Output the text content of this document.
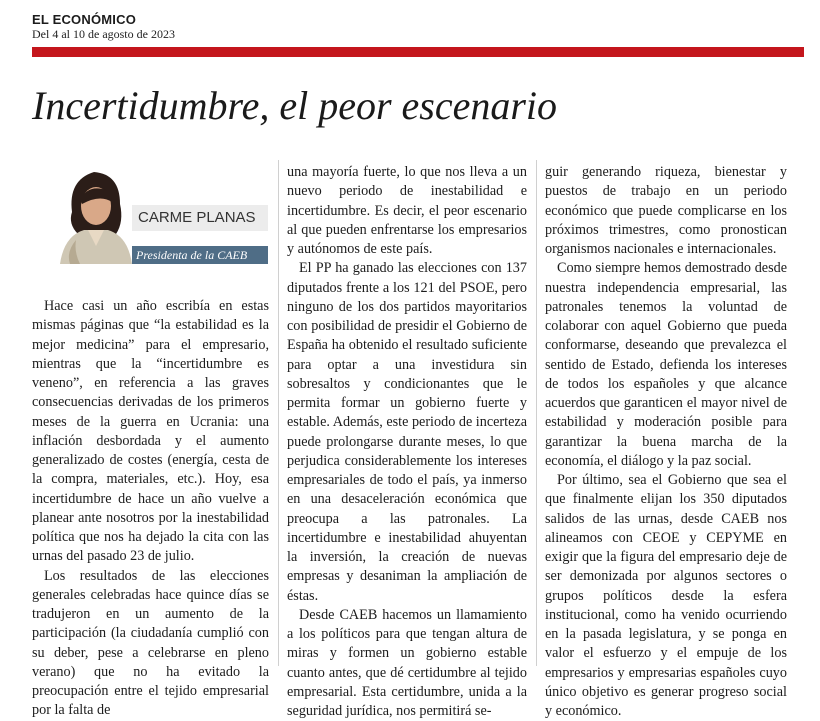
EL ECONÓMICO
Del 4 al 10 de agosto de 2023
Incertidumbre, el peor escenario
CARME PLANAS
Presidenta de la CAEB

Hace casi un año escribía en estas mismas páginas que “la estabilidad es la mejor medicina” para el empresario, mientras que la “incertidumbre es veneno”, en referencia a las graves consecuencias derivadas de los primeros meses de la guerra en Ucrania: una inflación desbordada y el aumento generalizado de costes (energía, cesta de la compra, materiales, etc.). Hoy, esa incertidumbre de hace un año vuelve a planear ante nosotros por la inestabilidad política que nos ha dejado la cita con las urnas del pasado 23 de julio.

Los resultados de las elecciones generales celebradas hace quince días se tradujeron en un aumento de la participación (la ciudadanía cumplió con su deber, pese a celebrarse en pleno verano) que no ha evitado la preocupación entre el tejido empresarial por la falta de

una mayoría fuerte, lo que nos lleva a un nuevo periodo de inestabilidad e incertidumbre. Es decir, el peor escenario al que pueden enfrentarse los empresarios y autónomos de este país.

El PP ha ganado las elecciones con 137 diputados frente a los 121 del PSOE, pero ninguno de los dos partidos mayoritarios con posibilidad de presidir el Gobierno de España ha obtenido el resultado suficiente para optar a una investidura sin sobresaltos y condicionantes que le permita formar un gobierno fuerte y estable. Además, este periodo de incerteza puede prolongarse durante meses, lo que perjudica considerablemente los intereses empresariales de todo el país, ya inmerso en una desaceleración económica que preocupa a las patronales. La incertidumbre e inestabilidad ahuyentan la inversión, la creación de nuevas empresas y desaniman la ampliación de éstas.

Desde CAEB hacemos un llamamiento a los políticos para que tengan altura de miras y formen un gobierno estable cuanto antes, que dé certidumbre al tejido empresarial. Esta certidumbre, unida a la seguridad jurídica, nos permitirá se-

guir generando riqueza, bienestar y puestos de trabajo en un periodo económico que puede complicarse en los próximos trimestres, como pronostican organismos nacionales e internacionales.

Como siempre hemos demostrado desde nuestra independencia empresarial, las patronales tenemos la voluntad de colaborar con aquel Gobierno que pueda conformarse, deseando que prevalezca el sentido de Estado, defienda los intereses de todos los españoles y que alcance acuerdos que garanticen el mayor nivel de estabilidad y moderación posible para garantizar la buena marcha de la economía, el diálogo y la paz social.

Por último, sea el Gobierno que sea el que finalmente elijan los 350 diputados salidos de las urnas, desde CAEB nos alineamos con CEOE y CEPYME en exigir que la figura del empresario deje de ser demonizada por algunos sectores o grupos políticos desde la esfera institucional, como ha venido ocurriendo en la pasada legislatura, y se ponga en valor el esfuerzo y el empuje de los empresarios y empresarias españoles cuyo único objetivo es generar progreso social y económico.
